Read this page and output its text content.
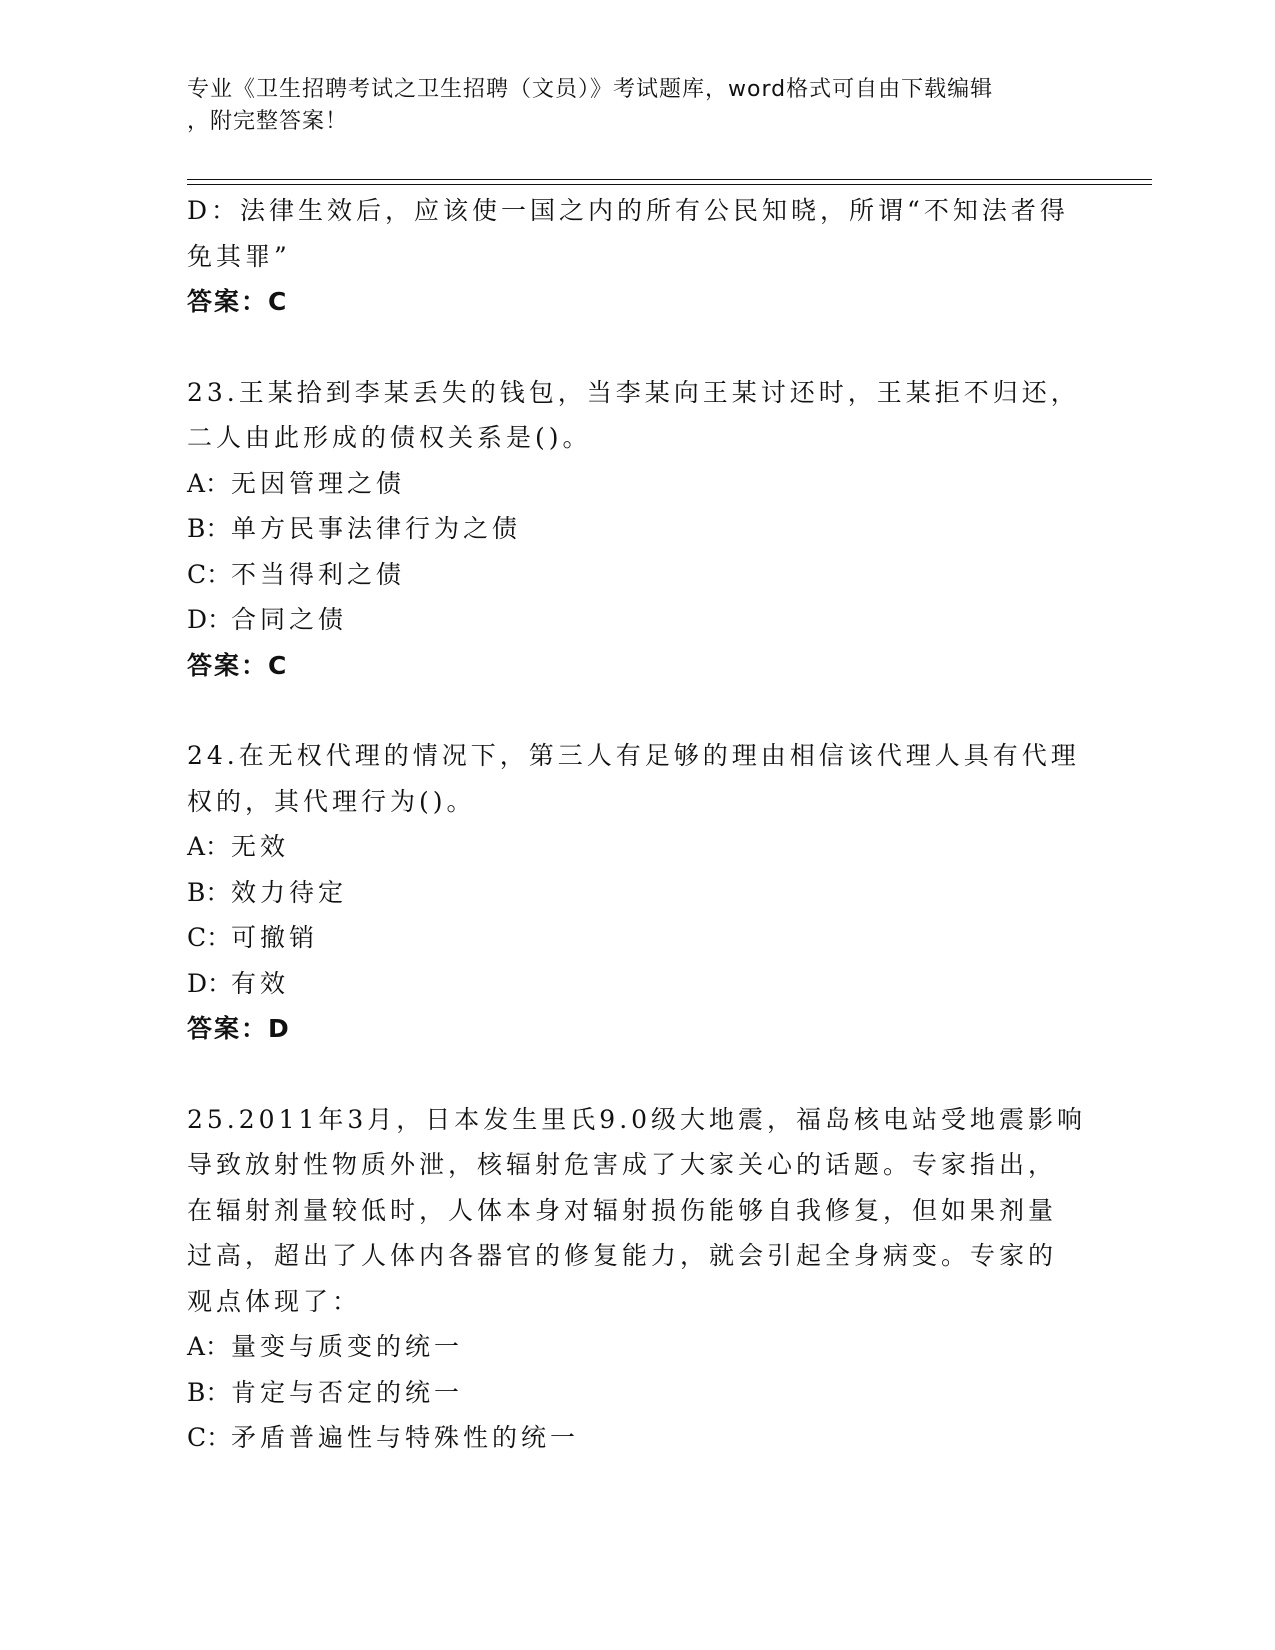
专业《卫生招聘考试之卫生招聘（文员）》考试题库，word格式可自由下载编辑
，附完整答案！
D：法律生效后，应该使一国之内的所有公民知晓，所谓“不知法者得
免其罪”
答案：C
23.王某拾到李某丢失的钱包，当李某向王某讨还时，王某拒不归还，
二人由此形成的债权关系是()。
A：无因管理之债
B：单方民事法律行为之债
C：不当得利之债
D：合同之债
答案：C
24.在无权代理的情况下，第三人有足够的理由相信该代理人具有代理
权的，其代理行为()。
A：无效
B：效力待定
C：可撤销
D：有效
答案：D
25.2011年3月，日本发生里氏9.0级大地震，福岛核电站受地震影响
导致放射性物质外泄，核辐射危害成了大家关心的话题。专家指出，
在辐射剂量较低时，人体本身对辐射损伤能够自我修复，但如果剂量
过高，超出了人体内各器官的修复能力，就会引起全身病变。专家的
观点体现了：
A：量变与质变的统一
B：肯定与否定的统一
C：矛盾普遍性与特殊性的统一
